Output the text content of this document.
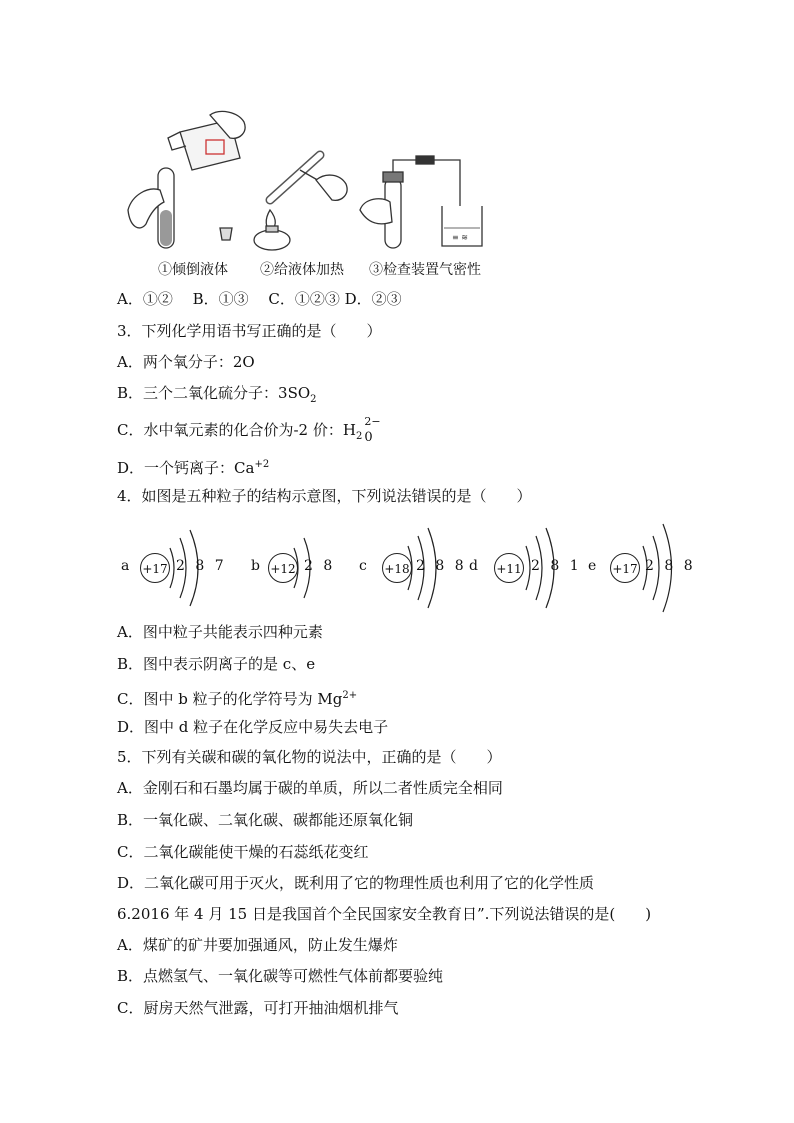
≡ ≋
①倾倒液体 ②给液体加热 ③检查装置气密性
A．①②　 B．①③　 C．①②③ D．②③
3．下列化学用语书写正确的是（　　）
A．两个氧分子：2O
B．三个二氧化硫分子：$3SO_2$
C．水中氧元素的化合价为-2 价：$H_2$
2−
0
D．一个钙离子：$Ca^{+2}$
4．如图是五种粒子的结构示意图，下列说法错误的是（　　）
a +17 2 8 7 b +12 2 8 c +18 2 8 8 d +11 2 8 1 e +17 2 8 8
A．图中粒子共能表示四种元素
B．图中表示阴离子的是 c、e
C．图中 b 粒子的化学符号为 $Mg^{2+}$
D．图中 d 粒子在化学反应中易失去电子
5．下列有关碳和碳的氧化物的说法中，正确的是（　　）
A．金刚石和石墨均属于碳的单质，所以二者性质完全相同
B．一氧化碳、二氧化碳、碳都能还原氧化铜
C．二氧化碳能使干燥的石蕊纸花变红
D．二氧化碳可用于灭火，既利用了它的物理性质也利用了它的化学性质
6.2016 年 4 月 15 日是我国首个全民国家安全教育日”.下列说法错误的是(　　)
A．煤矿的矿井要加强通风，防止发生爆炸
B．点燃氢气、一氧化碳等可燃性气体前都要验纯
C．厨房天然气泄露，可打开抽油烟机排气
